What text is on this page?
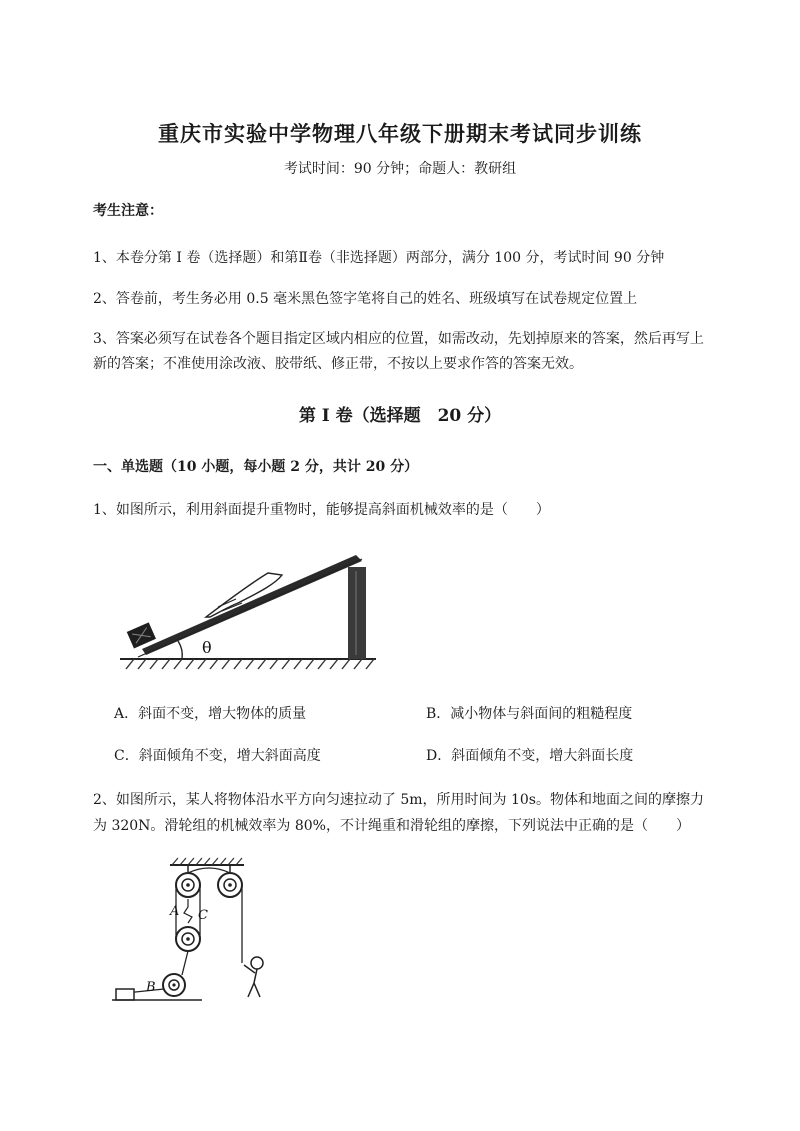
重庆市实验中学物理八年级下册期末考试同步训练
考试时间：90 分钟；命题人：教研组
考生注意：
1、本卷分第 I 卷（选择题）和第Ⅱ卷（非选择题）两部分，满分 100 分，考试时间 90 分钟
2、答卷前，考生务必用 0.5 毫米黑色签字笔将自己的姓名、班级填写在试卷规定位置上
3、答案必须写在试卷各个题目指定区域内相应的位置，如需改动，先划掉原来的答案，然后再写上新的答案；不准使用涂改液、胶带纸、修正带，不按以上要求作答的答案无效。
第 I 卷（选择题　20 分）
一、单选题（10 小题，每小题 2 分，共计 20 分）
1、如图所示，利用斜面提升重物时，能够提高斜面机械效率的是（　　）
θ
A．斜面不变，增大物体的质量	B．减小物体与斜面间的粗糙程度
C．斜面倾角不变，增大斜面高度	D．斜面倾角不变，增大斜面长度
2、如图所示，某人将物体沿水平方向匀速拉动了 5m，所用时间为 10s。物体和地面之间的摩擦力为 320N。滑轮组的机械效率为 80%，不计绳重和滑轮组的摩擦，下列说法中正确的是（　　）
A C
B
